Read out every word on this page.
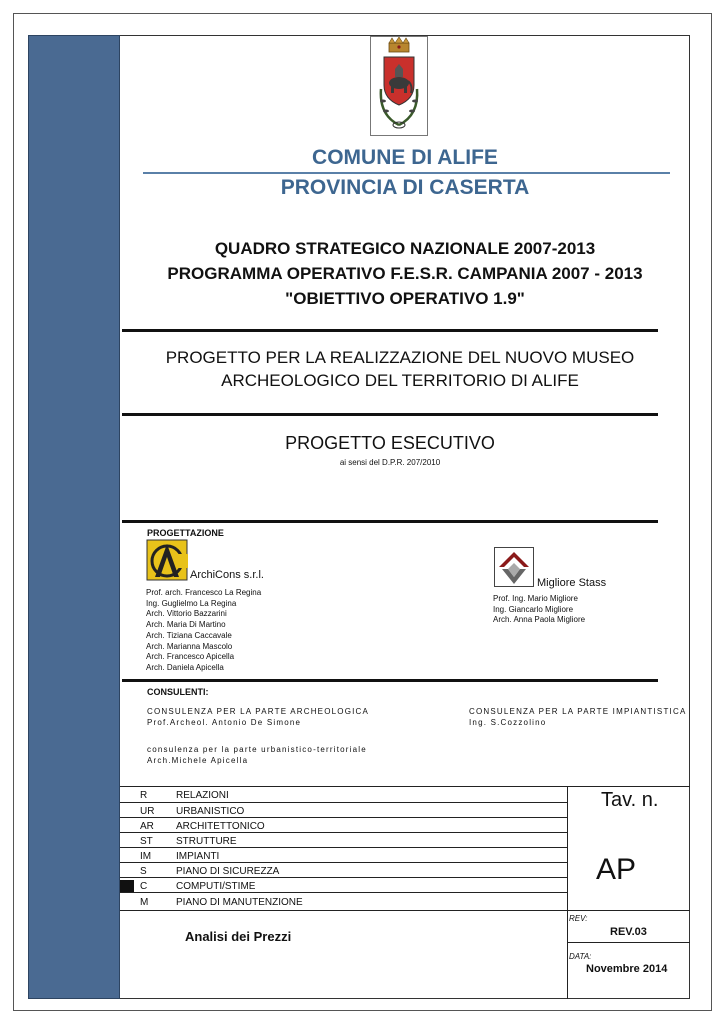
COMUNE DI ALIFE
PROVINCIA DI CASERTA
QUADRO STRATEGICO NAZIONALE 2007-2013
PROGRAMMA OPERATIVO F.E.S.R. CAMPANIA 2007 - 2013
"OBIETTIVO OPERATIVO 1.9"
PROGETTO PER LA REALIZZAZIONE DEL NUOVO MUSEO
ARCHEOLOGICO DEL TERRITORIO DI ALIFE
PROGETTO ESECUTIVO
ai sensi del D.P.R. 207/2010
PROGETTAZIONE
ArchiCons s.r.l.
Prof. arch. Francesco La Regina
Ing. Guglielmo La Regina
Arch. Vittorio Bazzarini
Arch. Maria Di Martino
Arch. Tiziana Caccavale
Arch. Marianna Mascolo
Arch. Francesco Apicella
Arch. Daniela Apicella
Migliore Stass
Prof. Ing. Mario Migliore
Ing. Giancarlo Migliore
Arch. Anna Paola Migliore
CONSULENTI:
CONSULENZA PER LA PARTE ARCHEOLOGICA
Prof.Archeol. Antonio De Simone
CONSULENZA PER LA PARTE IMPIANTISTICA
Ing. S.Cozzolino
consulenza per la parte urbanistico-territoriale
Arch.Michele Apicella
R	RELAZIONI
UR URBANISTICO
AR ARCHITETTONICO
ST STRUTTURE
IM IMPIANTI
S	PIANO DI SICUREZZA
C	COMPUTI/STIME
M	PIANO DI MANUTENZIONE
Analisi dei Prezzi
Tav. n.
AP
REV:
REV.03
DATA:
Novembre 2014
